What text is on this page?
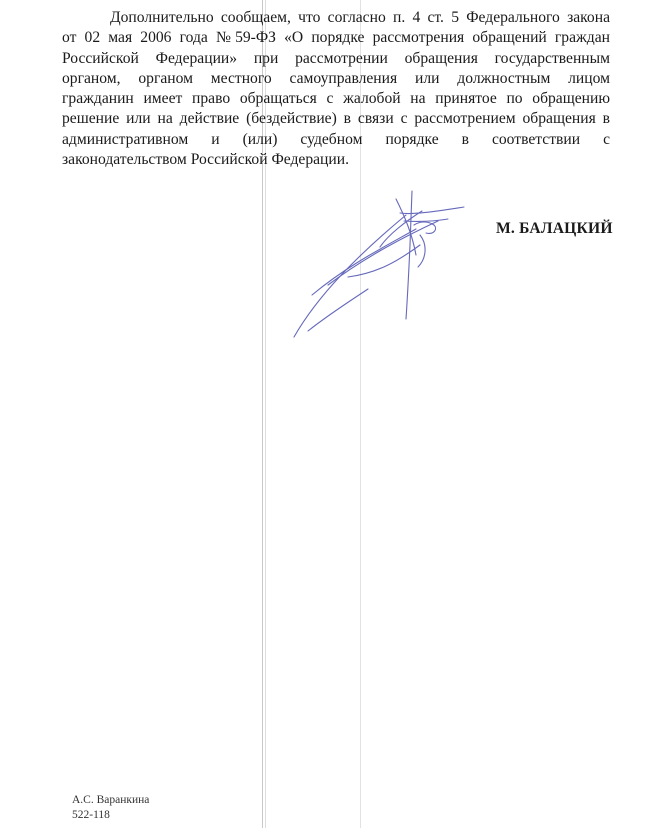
Дополнительно сообщаем, что согласно п. 4 ст. 5 Федерального закона
от 02 мая 2006 года №59-ФЗ «О порядке рассмотрения обращений граждан
Российской Федерации» при рассмотрении обращения государственным
органом, органом местного самоуправления или должностным лицом
гражданин имеет право обращаться с жалобой на принятое по обращению
решение или на действие (бездействие) в связи с рассмотрением обращения в
административном и (или) судебном порядке в соответствии с
законодательством Российской Федерации.
М. БАЛАЦКИЙ
А.С. Варанкина
522-118
